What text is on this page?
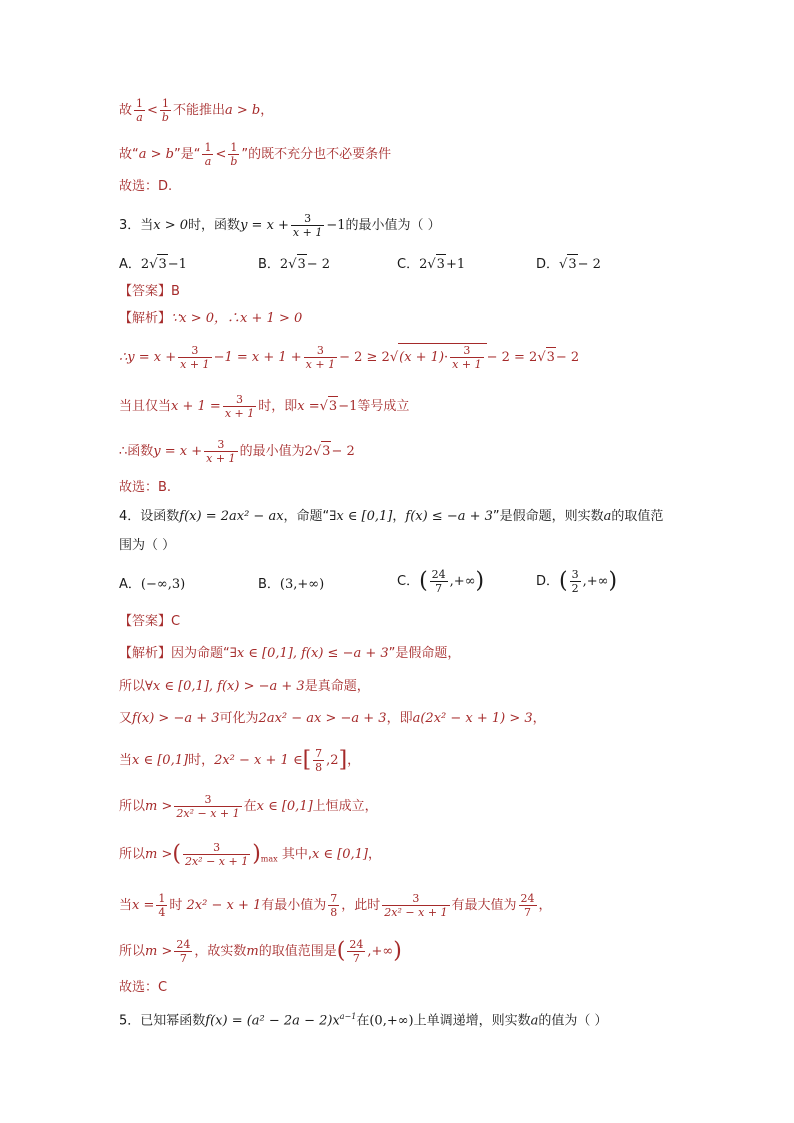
故 $\frac{1}{a} < \frac{1}{b}$ 不能推出a > b，
故“a > b”是“ $\frac{1}{a} < \frac{1}{b}$ ”的既不充分也不必要条件
故选：D.
3．当x > 0时，函数$y = x + \frac{3}{x + 1} -1$的最小值为（ ）
A．2√3−1	B．2√3− 2	C．2√3+1	D．√3− 2
【答案】B
【解析】∵x > 0，∴x + 1 > 0
∴y = $x + \frac{3}{x + 1} -1 = x + 1 + \frac{3}{x + 1} - 2 \ge 2√(x + 1)\cdot \frac{3}{x + 1} - 2 = 2√3- 2$
当且仅当$x + 1 = \frac{3}{x + 1}$ 时，即x =√3−1等号成立
∴函数$y = x + \frac{3}{x + 1}$ 的最小值为2√3− 2
故选：B.
4．设函数f(x) = 2ax² − ax，命题“∃x ∈ [0,1]，f(x) ≤ −a + 3”是假命题，则实数a的取值范
围为（ ）
A．(−∞,3)	B．(3,+∞)	C．( $\frac{24}{7}$ ,+∞)	D．( $\frac{3}{2}$ ,+∞)
【答案】C
【解析】因为命题“∃x ∈ [0,1], f(x) ≤ −a + 3”是假命题，
所以∀x ∈ [0,1], f(x) > −a + 3是真命题，
又f(x) > −a + 3可化为2ax² − ax > −a + 3，即a(2x² − x + 1) > 3，
当x ∈ [0,1]时，2x² − x + 1 ∈[ $\frac{7}{8} ,2$]，
所以$m > \frac{3}{\text{2x² − x + 1}}$ 在x ∈ [0,1]上恒成立，
所以m >( $\frac{3}{\text{2x² − x + 1}} )_{max}$ 其中,x ∈ [0,1]，
当$x = \frac{1}{4}$ 时 2x² − x + 1有最小值为 $\frac{7}{8}$ ，此时 $\frac{3}{\text{2x² − x + 1}}$ 有最大值为 $\frac{24}{7}$ ，
所以$m > \frac{24}{7}$ ，故实数m的取值范围是( $\frac{24}{7}$ ,+∞)
故选：C
5．已知幂函数$f(x) = (a^2 - 2a - 2)x^{a-1}$在(0,+∞)上单调递增，则实数a的值为（ ）
